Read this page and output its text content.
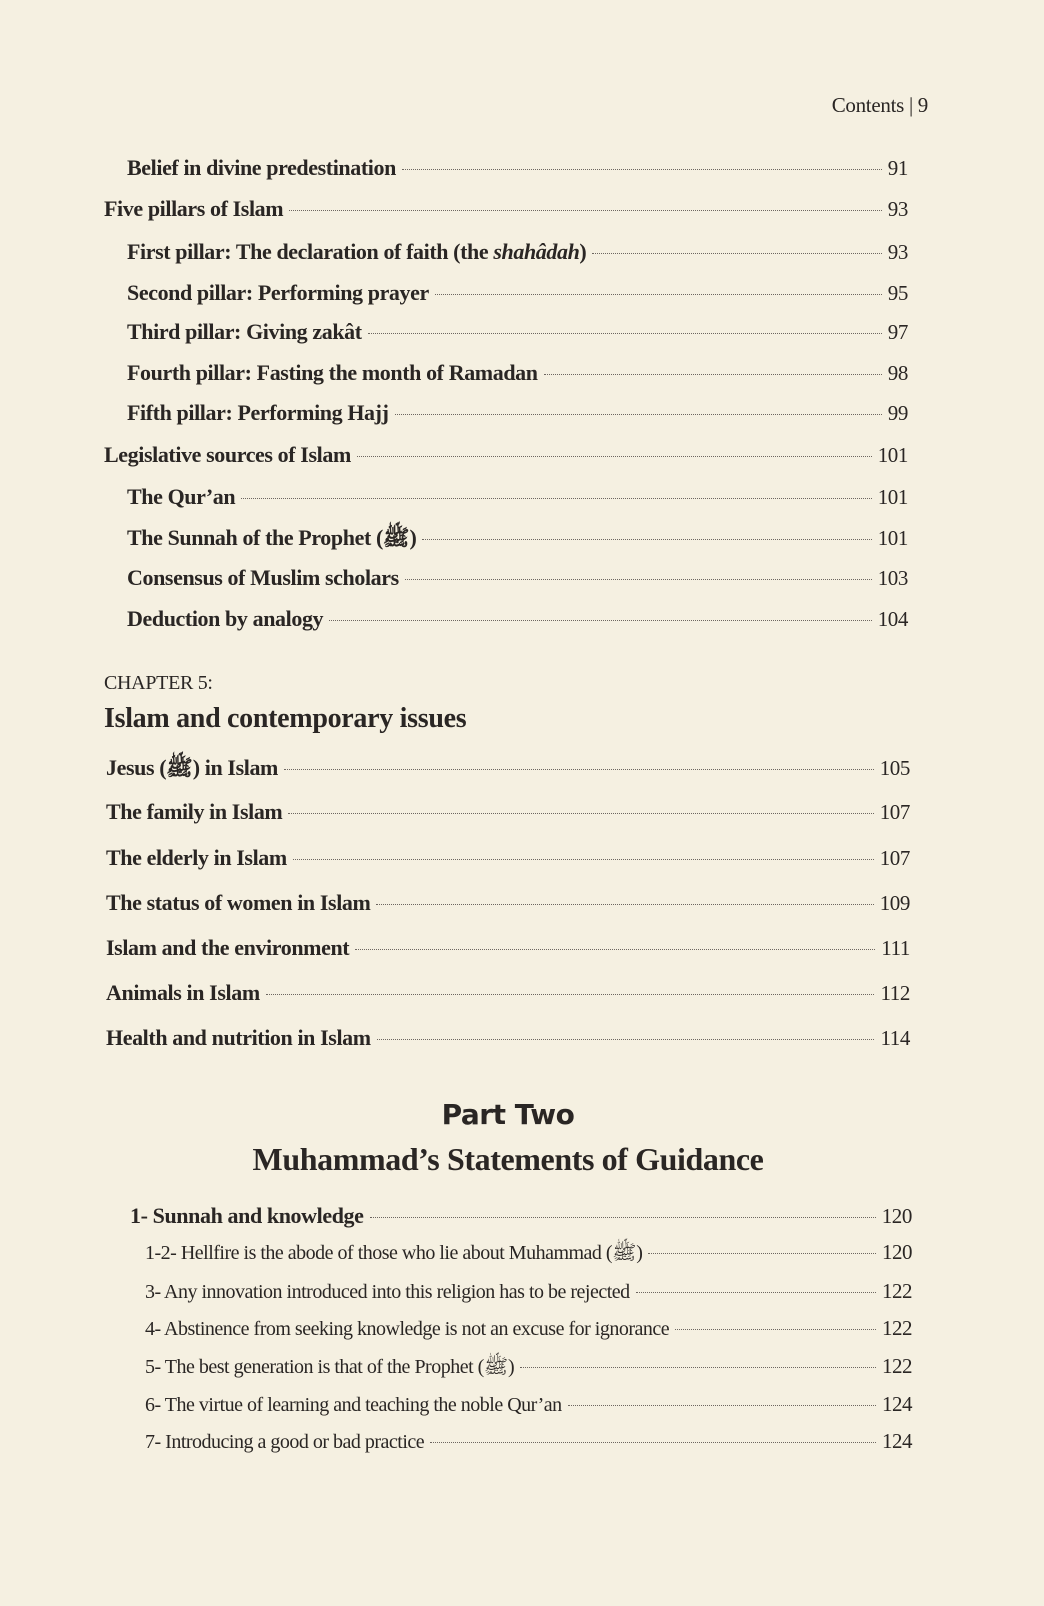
Contents | 9
Belief in divine predestination	91
Five pillars of Islam	93
First pillar: The declaration of faith (the shahâdah)	93
Second pillar: Performing prayer	95
Third pillar: Giving zakât	97
Fourth pillar: Fasting the month of Ramadan	98
Fifth pillar: Performing Hajj	99
Legislative sources of Islam	101
The Qur’an	101
The Sunnah of the Prophet (ﷺ)	101
Consensus of Muslim scholars	103
Deduction by analogy	104
CHAPTER 5:
Islam and contemporary issues
Jesus (ﷺ) in Islam	105
The family in Islam	107
The elderly in Islam	107
The status of women in Islam	109
Islam and the environment	111
Animals in Islam	112
Health and nutrition in Islam	114
Part Two
Muhammad’s Statements of Guidance
1- Sunnah and knowledge	120
1-2- Hellfire is the abode of those who lie about Muhammad (ﷺ)	120
3- Any innovation introduced into this religion has to be rejected	122
4- Abstinence from seeking knowledge is not an excuse for ignorance	122
5- The best generation is that of the Prophet (ﷺ)	122
6- The virtue of learning and teaching the noble Qur’an	124
7- Introducing a good or bad practice	124
